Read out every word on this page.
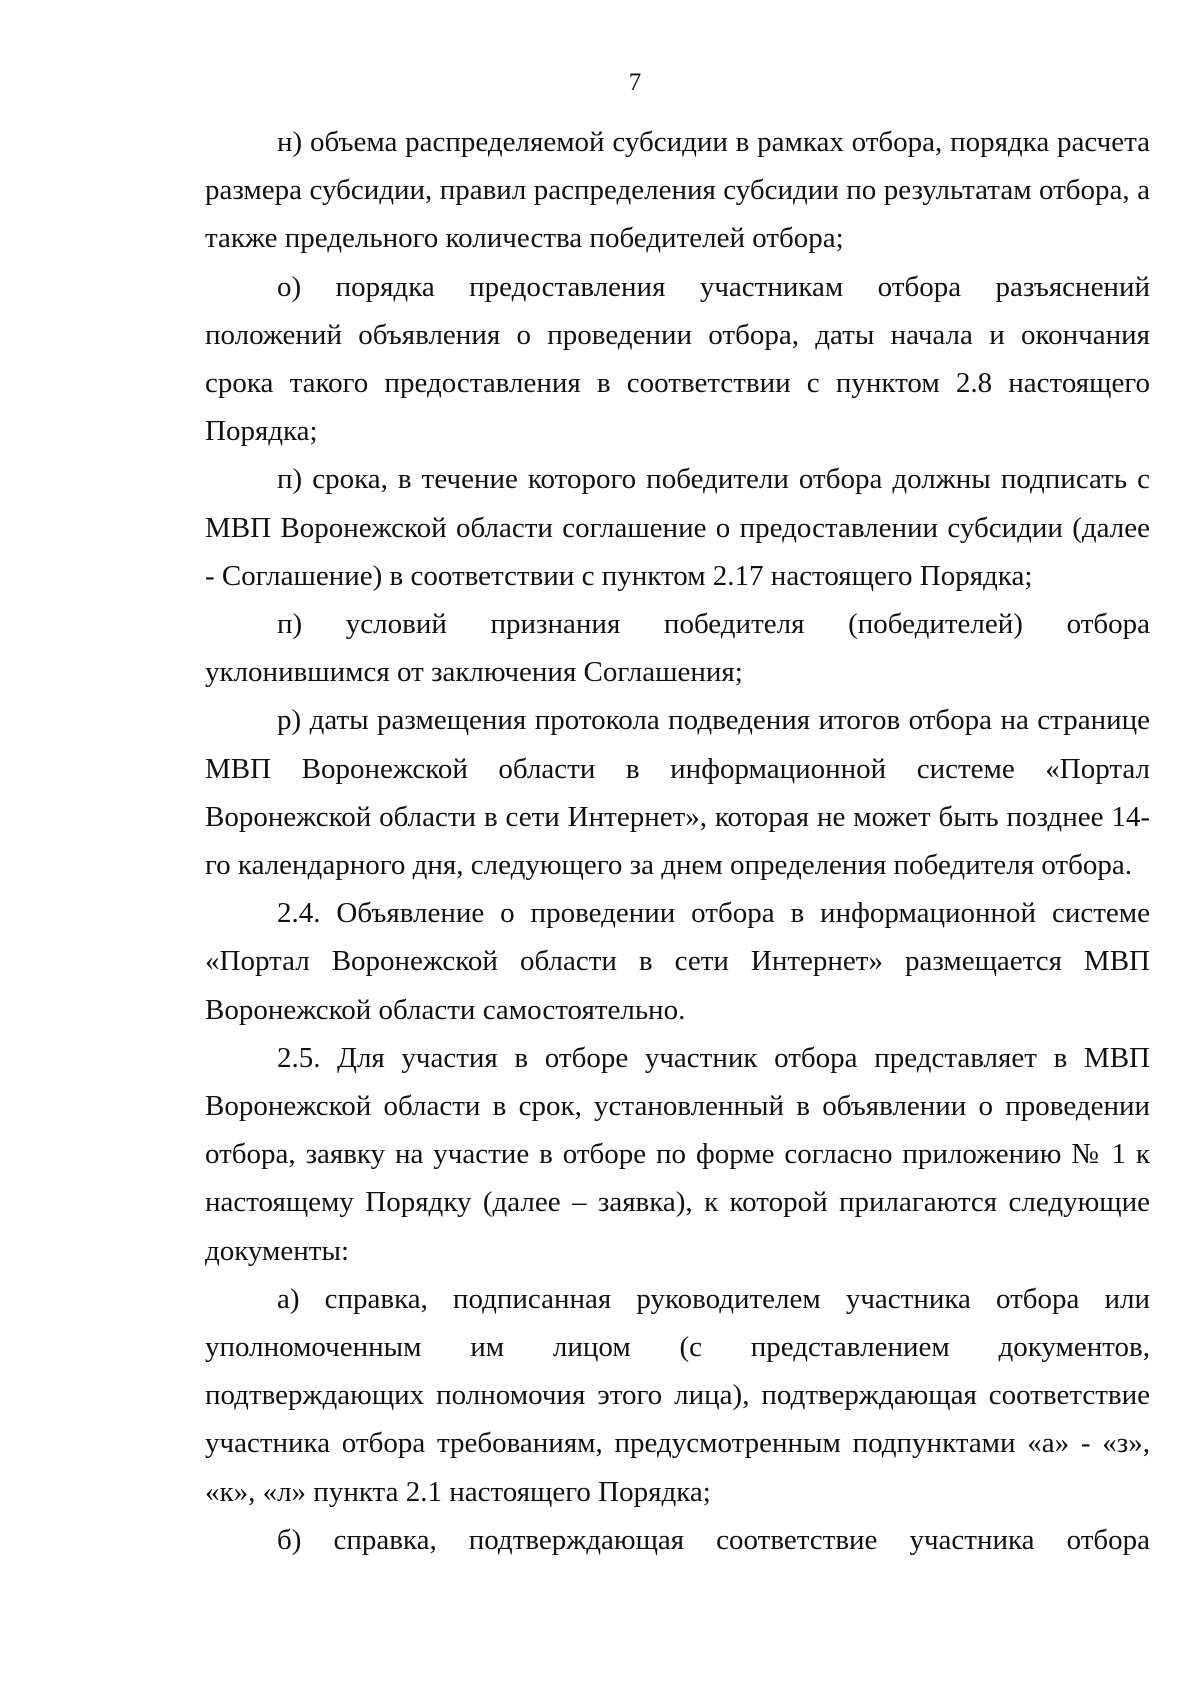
7

н) объема распределяемой субсидии в рамках отбора, порядка расчета размера субсидии, правил распределения субсидии по результатам отбора, а также предельного количества победителей отбора;

о) порядка предоставления участникам отбора разъяснений положений объявления о проведении отбора, даты начала и окончания срока такого предоставления в соответствии с пунктом 2.8 настоящего Порядка;

п) срока, в течение которого победители отбора должны подписать с МВП Воронежской области соглашение о предоставлении субсидии (далее - Соглашение) в соответствии с пунктом 2.17 настоящего Порядка;

п) условий признания победителя (победителей) отбора уклонившимся от заключения Соглашения;

р) даты размещения протокола подведения итогов отбора на странице МВП Воронежской области в информационной системе «Портал Воронежской области в сети Интернет», которая не может быть позднее 14-го календарного дня, следующего за днем определения победителя отбора.

2.4. Объявление о проведении отбора в информационной системе «Портал Воронежской области в сети Интернет» размещается МВП Воронежской области самостоятельно.

2.5. Для участия в отборе участник отбора представляет в МВП Воронежской области в срок, установленный в объявлении о проведении отбора, заявку на участие в отборе по форме согласно приложению № 1 к настоящему Порядку (далее – заявка), к которой прилагаются следующие документы:

а) справка, подписанная руководителем участника отбора или уполномоченным им лицом (с представлением документов, подтверждающих полномочия этого лица), подтверждающая соответствие участника отбора требованиям, предусмотренным подпунктами «а» - «з», «к», «л» пункта 2.1 настоящего Порядка;

б) справка, подтверждающая соответствие участника отбора
